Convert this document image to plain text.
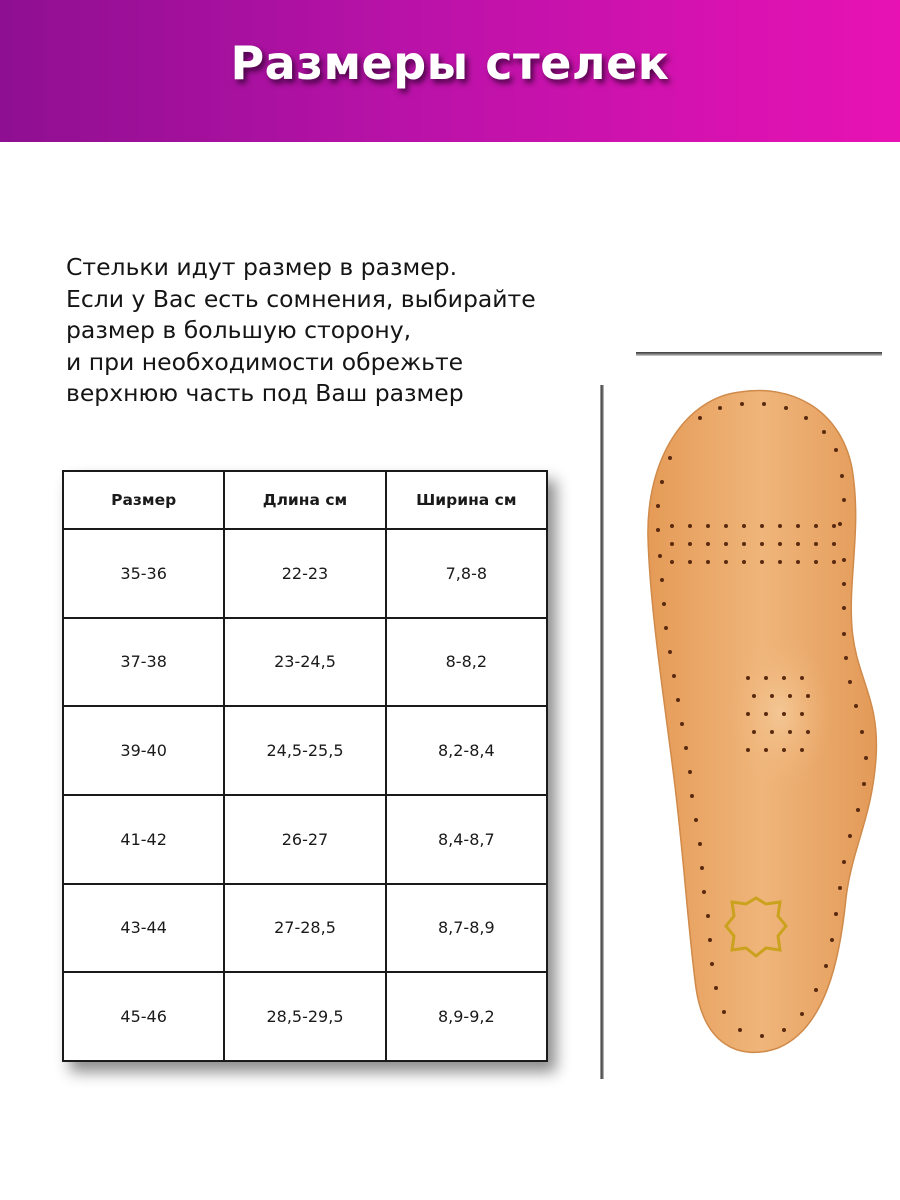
Размеры стелек
Стельки идут размер в размер.
Если у Вас есть сомнения, выбирайте
размер в большую сторону,
и при необходимости обрежьте
верхнюю часть под Ваш размер
Размер	Длина см	Ширина см
35-36	22-23	7,8-8
37-38	23-24,5	8-8,2
39-40	24,5-25,5	8,2-8,4
41-42	26-27	8,4-8,7
43-44	27-28,5	8,7-8,9
45-46	28,5-29,5	8,9-9,2
